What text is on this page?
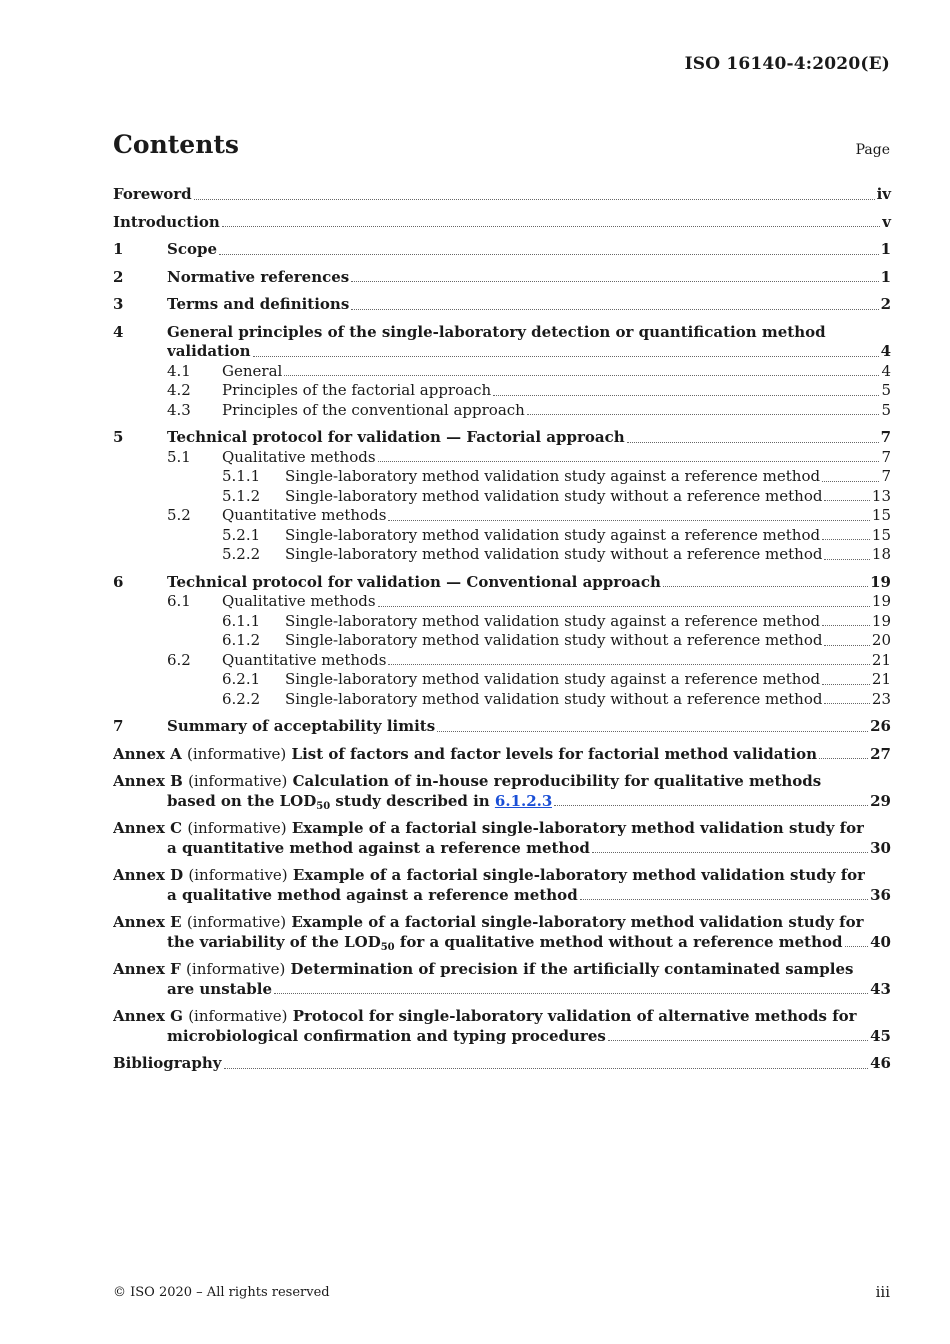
ISO 16140-4:2020(E)
Contents	Page
Foreword	iv
Introduction	v
1	Scope	1
2	Normative references	1
3	Terms and definitions	2
4	General principles of the single-laboratory detection or quantification method
validation	4
4.1	General	4
4.2	Principles of the factorial approach	5
4.3	Principles of the conventional approach	5
5	Technical protocol for validation — Factorial approach	7
5.1	Qualitative methods	7
5.1.1	Single-laboratory method validation study against a reference method	7
5.1.2	Single-laboratory method validation study without a reference method	13
5.2	Quantitative methods	15
5.2.1	Single-laboratory method validation study against a reference method	15
5.2.2	Single-laboratory method validation study without a reference method	18
6	Technical protocol for validation — Conventional approach	19
6.1	Qualitative methods	19
6.1.1	Single-laboratory method validation study against a reference method	19
6.1.2	Single-laboratory method validation study without a reference method	20
6.2	Quantitative methods	21
6.2.1	Single-laboratory method validation study against a reference method	21
6.2.2	Single-laboratory method validation study without a reference method	23
7	Summary of acceptability limits	26
Annex A (informative) List of factors and factor levels for factorial method validation	27
Annex B (informative) Calculation of in-house reproducibility for qualitative methods
based on the $LOD_{50}$ study described in 6.1.2.3	29
Annex C (informative) Example of a factorial single-laboratory method validation study for
a quantitative method against a reference method	30
Annex D (informative) Example of a factorial single-laboratory method validation study for
a qualitative method against a reference method	36
Annex E (informative) Example of a factorial single-laboratory method validation study for
the variability of the $LOD_{50}$ for a qualitative method without a reference method 40
Annex F (informative) Determination of precision if the artificially contaminated samples
are unstable	43
Annex G (informative) Protocol for single-laboratory validation of alternative methods for
microbiological confirmation and typing procedures	45
Bibliography	46
© ISO 2020 – All rights reserved	iii
